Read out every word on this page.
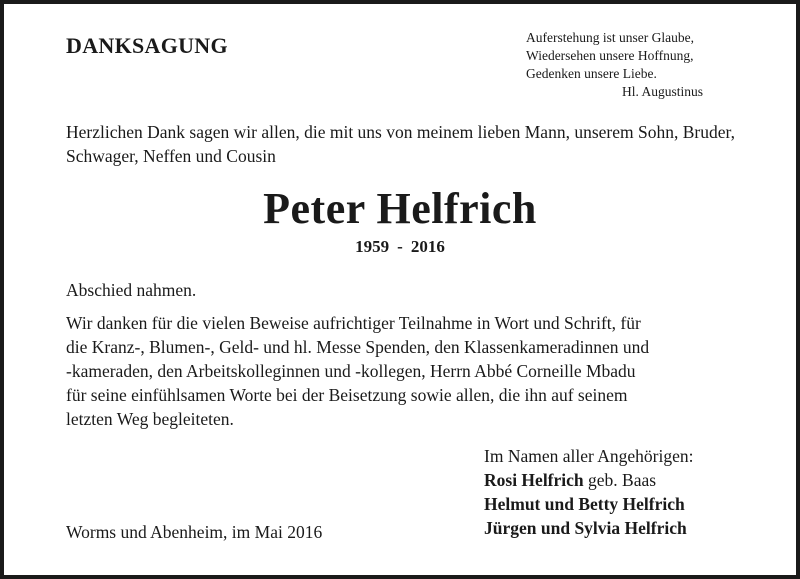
DANKSAGUNG	Auferstehung ist unser Glaube,
Wiedersehen unsere Hoffnung,
Gedenken unsere Liebe.
Hl. Augustinus

Herzlichen Dank sagen wir allen, die mit uns von meinem lieben Mann, unserem Sohn, Bruder, Schwager, Neffen und Cousin

Peter Helfrich
1959 - 2016

Abschied nahmen.

Wir danken für die vielen Beweise aufrichtiger Teilnahme in Wort und Schrift, für
die Kranz-, Blumen-, Geld- und hl. Messe Spenden, den Klassenkameradinnen und
-kameraden, den Arbeitskolleginnen und -kollegen, Herrn Abbé Corneille Mbadu
für seine einfühlsamen Worte bei der Beisetzung sowie allen, die ihn auf seinem
letzten Weg begleiteten.

Im Namen aller Angehörigen:
Rosi Helfrich geb. Baas
Helmut und Betty Helfrich
Jürgen und Sylvia Helfrich

Worms und Abenheim, im Mai 2016
